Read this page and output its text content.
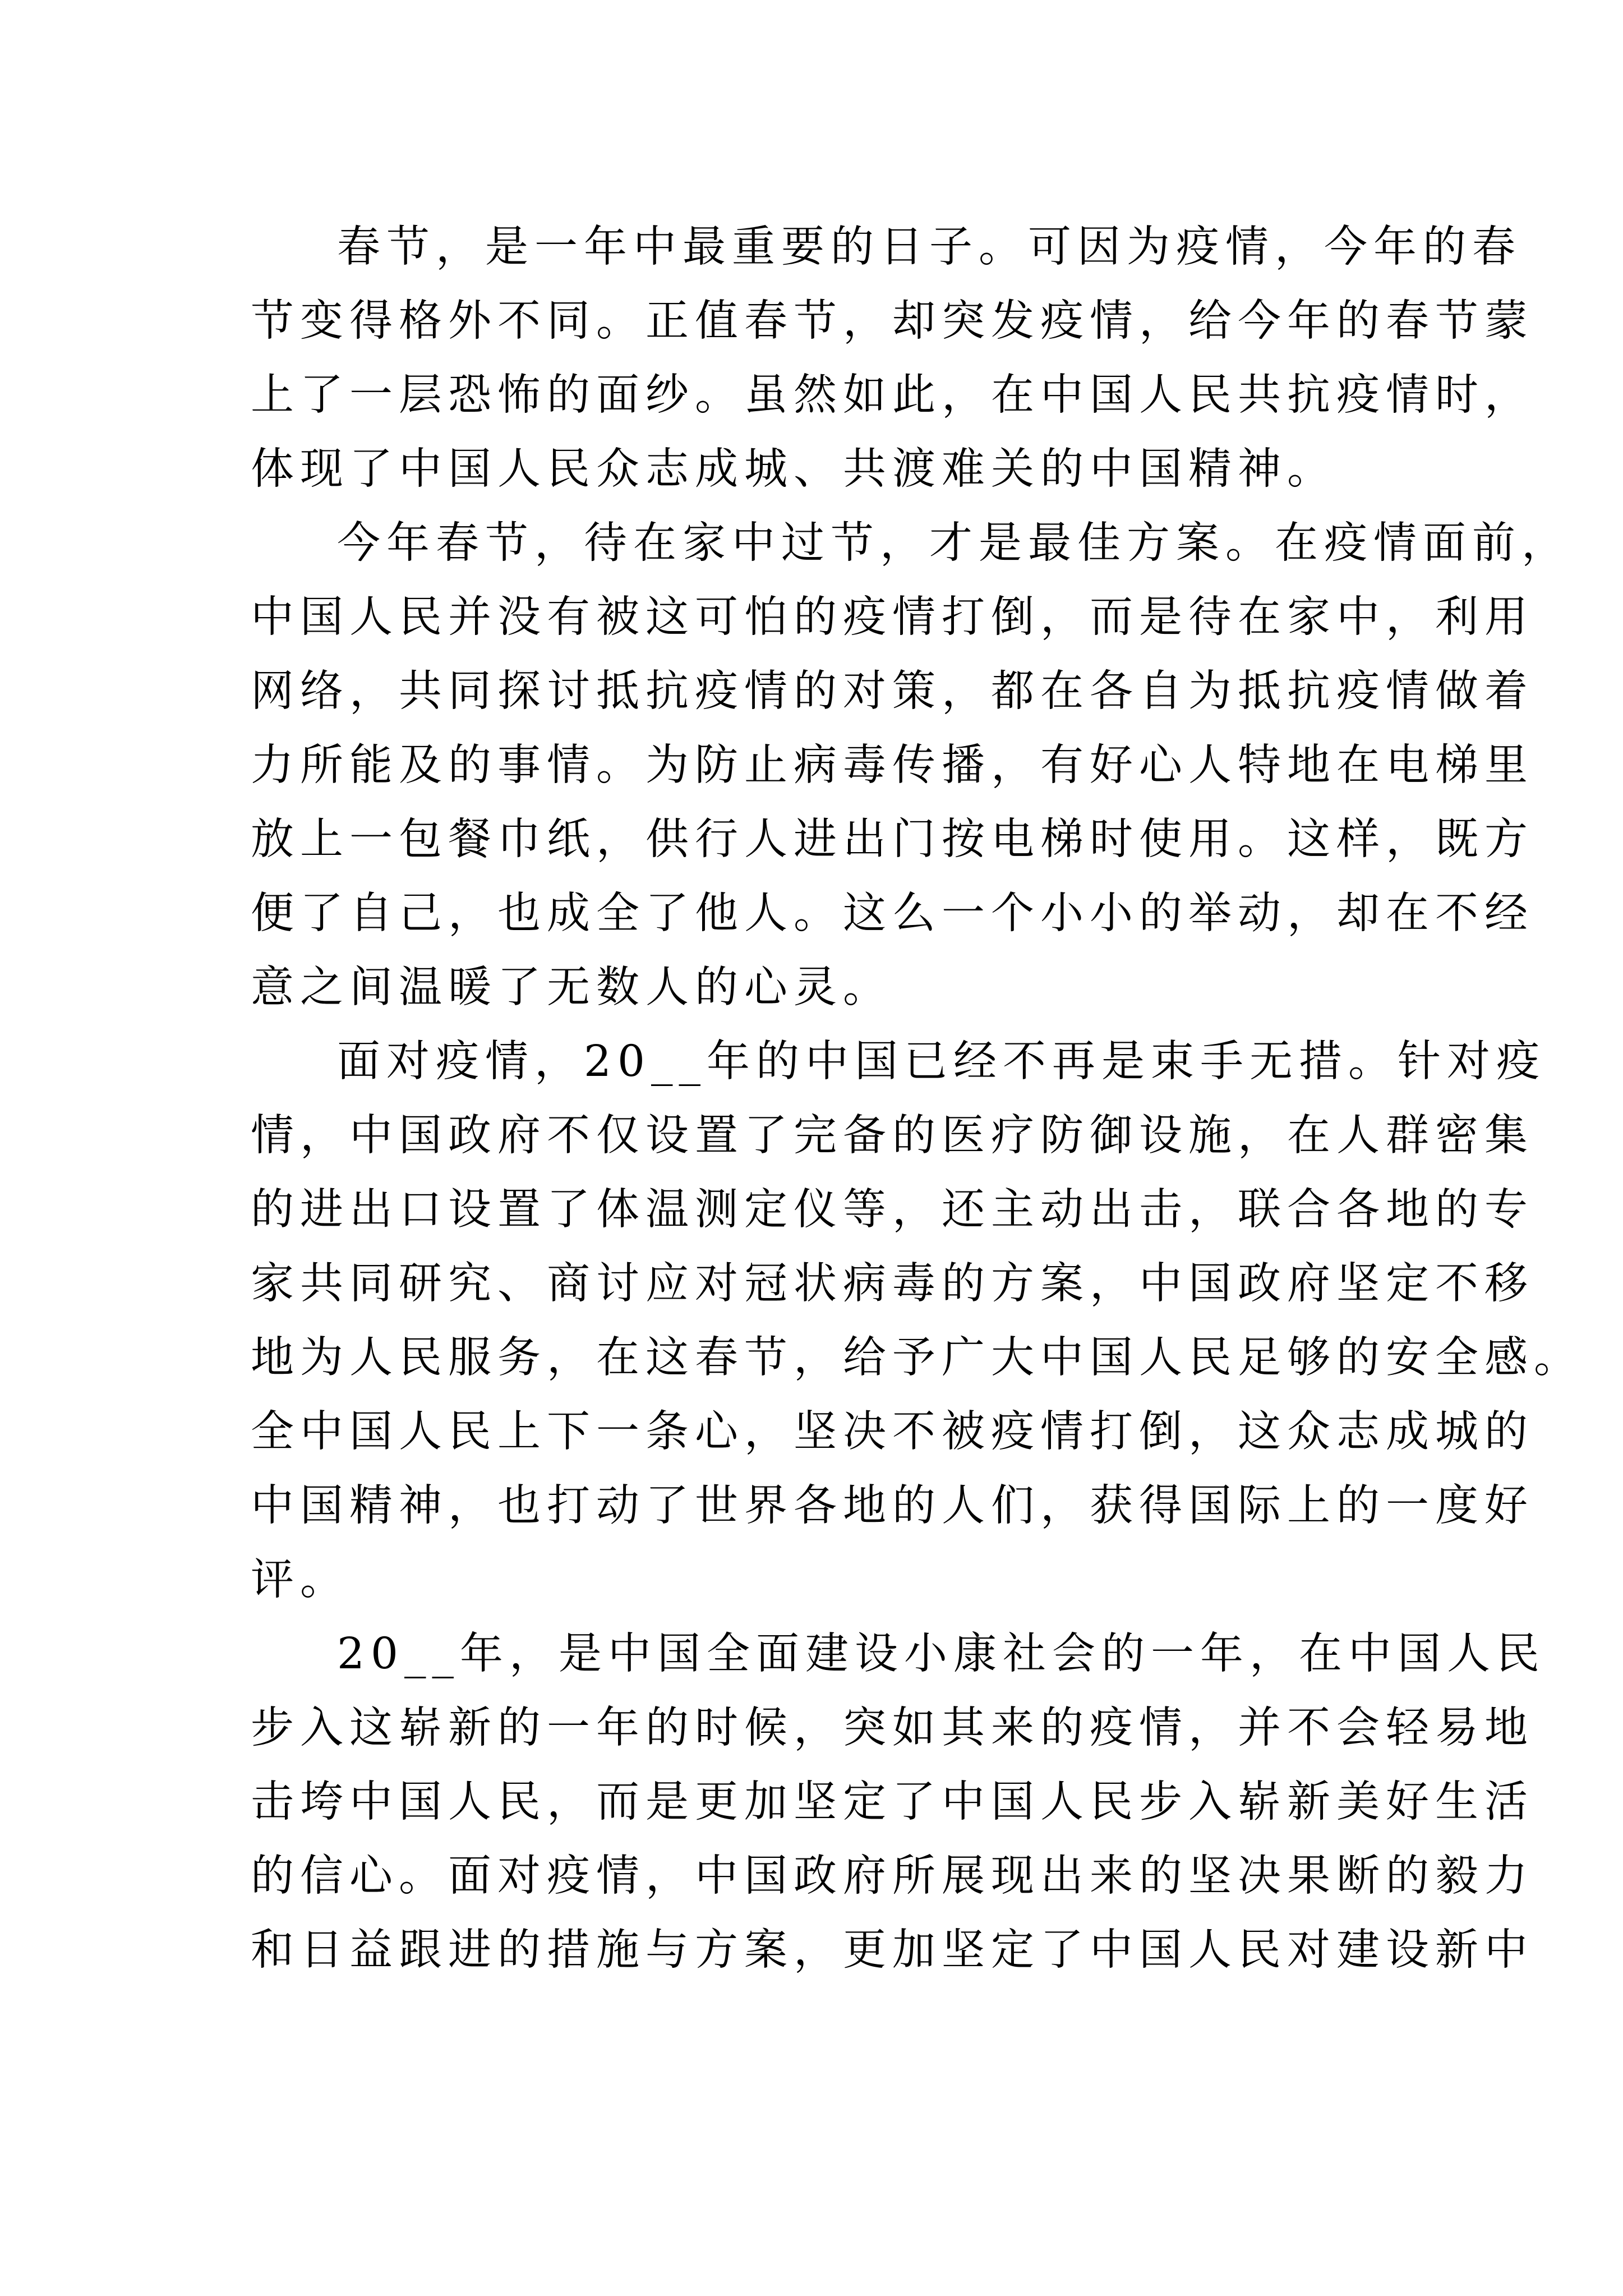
春节，是一年中最重要的日子。可因为疫情，今年的春
节变得格外不同。正值春节，却突发疫情，给今年的春节蒙
上了一层恐怖的面纱。虽然如此，在中国人民共抗疫情时，
体现了中国人民众志成城、共渡难关的中国精神。
今年春节，待在家中过节，才是最佳方案。在疫情面前，
中国人民并没有被这可怕的疫情打倒，而是待在家中，利用
网络，共同探讨抵抗疫情的对策，都在各自为抵抗疫情做着
力所能及的事情。为防止病毒传播，有好心人特地在电梯里
放上一包餐巾纸，供行人进出门按电梯时使用。这样，既方
便了自己，也成全了他人。这么一个小小的举动，却在不经
意之间温暖了无数人的心灵。
面对疫情，20__年的中国已经不再是束手无措。针对疫
情，中国政府不仅设置了完备的医疗防御设施，在人群密集
的进出口设置了体温测定仪等，还主动出击，联合各地的专
家共同研究、商讨应对冠状病毒的方案，中国政府坚定不移
地为人民服务，在这春节，给予广大中国人民足够的安全感。
全中国人民上下一条心，坚决不被疫情打倒，这众志成城的
中国精神，也打动了世界各地的人们，获得国际上的一度好
评。
20__年，是中国全面建设小康社会的一年，在中国人民
步入这崭新的一年的时候，突如其来的疫情，并不会轻易地
击垮中国人民，而是更加坚定了中国人民步入崭新美好生活
的信心。面对疫情，中国政府所展现出来的坚决果断的毅力
和日益跟进的措施与方案，更加坚定了中国人民对建设新中
